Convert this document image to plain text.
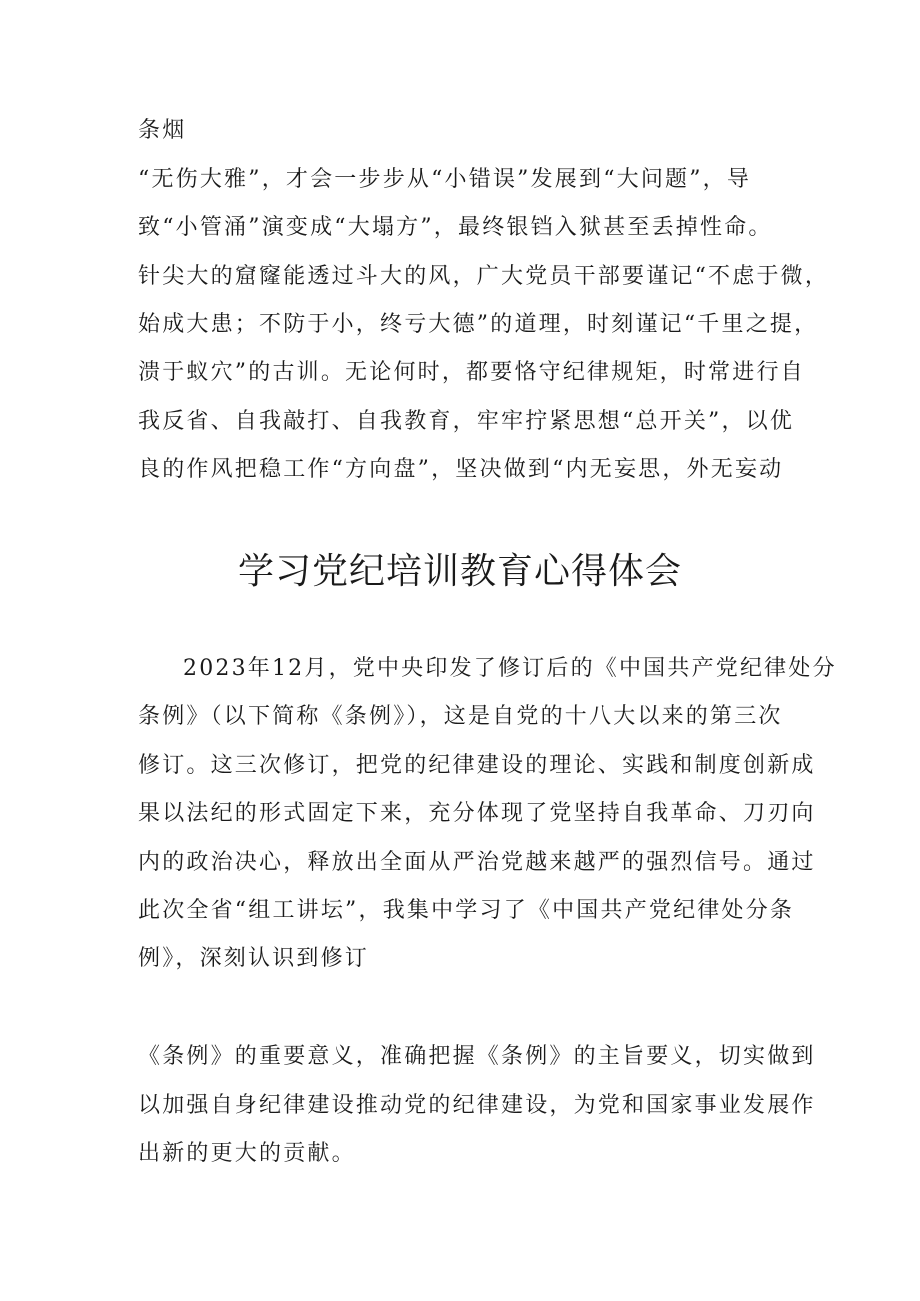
条烟
“无伤大雅”，才会一步步从“小错误”发展到“大问题”，导
致“小管涌”演变成“大塌方”，最终银铛入狱甚至丢掉性命。
针尖大的窟窿能透过斗大的风，广大党员干部要谨记“不虑于微，
始成大患；不防于小，终亏大德”的道理，时刻谨记“千里之提，
溃于蚁穴”的古训。无论何时，都要恪守纪律规矩，时常进行自
我反省、自我敲打、自我教育，牢牢拧紧思想“总开关”，以优
良的作风把稳工作“方向盘”，坚决做到“内无妄思，外无妄动
学习党纪培训教育心得体会
2023年12月，党中央印发了修订后的《中国共产党纪律处分
条例》（以下简称《条例》），这是自党的十八大以来的第三次
修订。这三次修订，把党的纪律建设的理论、实践和制度创新成
果以法纪的形式固定下来，充分体现了党坚持自我革命、刀刃向
内的政治决心，释放出全面从严治党越来越严的强烈信号。通过
此次全省“组工讲坛”，我集中学习了《中国共产党纪律处分条
例》，深刻认识到修订
《条例》的重要意义，准确把握《条例》的主旨要义，切实做到
以加强自身纪律建设推动党的纪律建设，为党和国家事业发展作
出新的更大的贡献。
